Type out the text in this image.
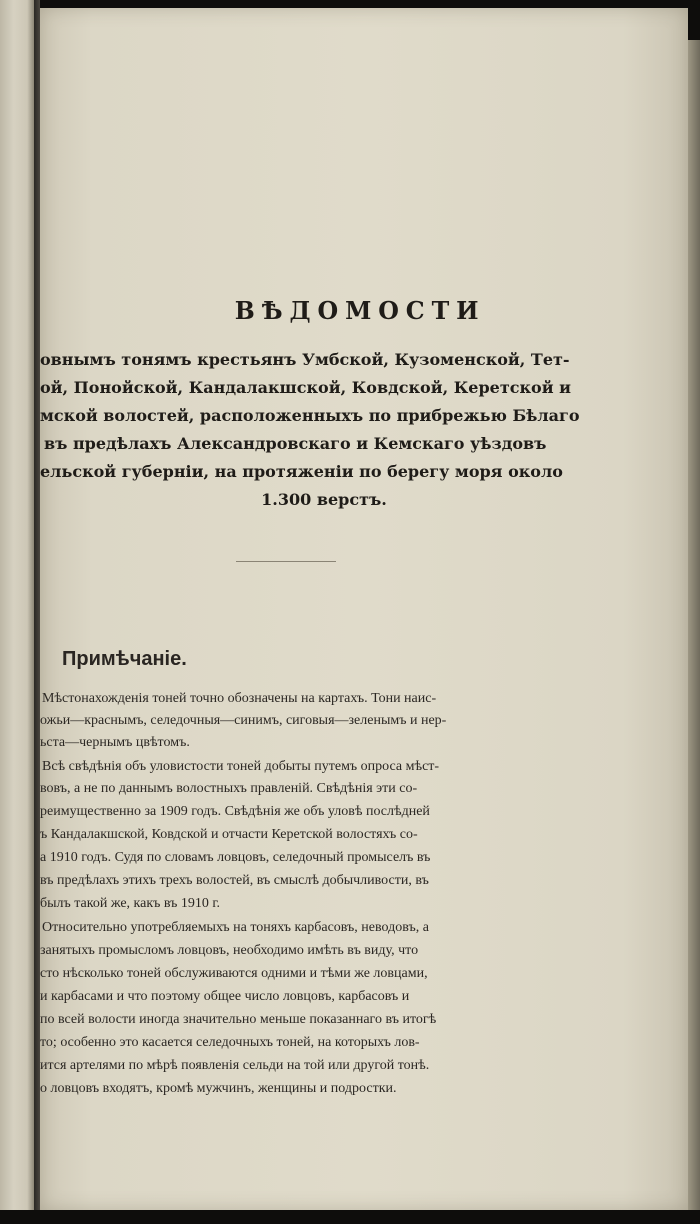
ВѢДОМОСТИ
овнымъ тонямъ крестьянъ Умбской, Кузоменской, Тет-
ой, Понойской, Кандалакшской, Ковдской, Керетской и
мской волостей, расположенныхъ по прибрежью Бѣлаго
въ предѣлахъ Александровскаго и Кемскаго уѣздовъ
ельской губернiи, на протяженiи по берегу моря около
1.300 верстъ.
Примѣчанiе.
Мѣстонахожденiя тоней точно обозначены на картахъ. Тони наис-
ожьи—краснымъ, селедочныя—синимъ, сиговыя—зеленымъ и нер-
ьста—чернымъ цвѣтомъ.
Всѣ свѣдѣнiя объ уловистости тоней добыты путемъ опроса мѣст-
вовъ, а не по даннымъ волостныхъ правленiй. Свѣдѣнiя эти со-
реимущественно за 1909 годъ. Свѣдѣнiя же объ уловѣ послѣдней
ъ Кандалакшской, Ковдской и отчасти Керетской волостяхъ со-
а 1910 годъ. Судя по словамъ ловцовъ, селедочный промыселъ въ
въ предѣлахъ этихъ трехъ волостей, въ смыслѣ добычливости, въ
былъ такой же, какъ въ 1910 г.
Относительно употребляемыхъ на тоняхъ карбасовъ, неводовъ, а
занятыхъ промысломъ ловцовъ, необходимо имѣть въ виду, что
сто нѣсколько тоней обслуживаются одними и тѣми же ловцами,
и карбасами и что поэтому общее число ловцовъ, карбасовъ и
по всей волости иногда значительно меньше показаннаго въ итогѣ
то; особенно это касается селедочныхъ тоней, на которыхъ лов-
ится артелями по мѣрѣ появленiя сельди на той или другой тонѣ.
о ловцовъ входятъ, кромѣ мужчинъ, женщины и подростки.
